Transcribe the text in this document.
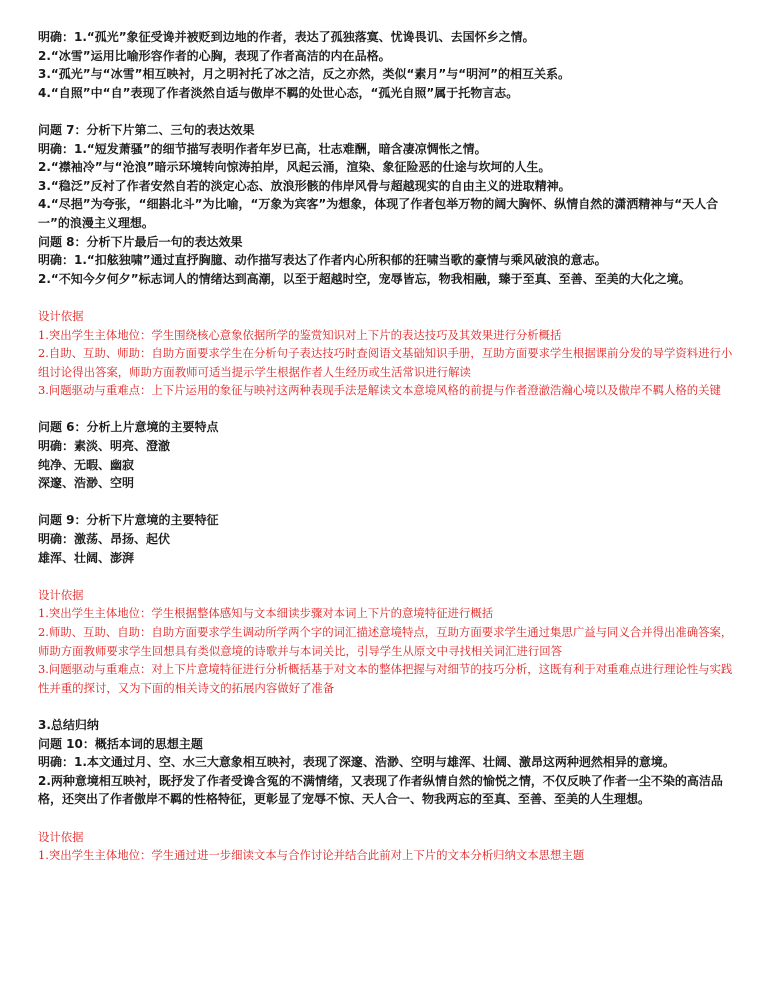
明确：1.“孤光”象征受谗并被贬到边地的作者，表达了孤独落寞、忧谗畏讥、去国怀乡之情。

2.“冰雪”运用比喻形容作者的心胸，表现了作者高洁的内在品格。

3.“孤光”与“冰雪”相互映衬，月之明衬托了冰之洁，反之亦然，类似“素月”与“明河”的相互关系。

4.“自照”中“自”表现了作者淡然自适与傲岸不羁的处世心态，“孤光自照”属于托物言志。

问题 7：分析下片第二、三句的表达效果

明确：1.“短发萧骚”的细节描写表明作者年岁已高，壮志难酬，暗含凄凉惆怅之情。

2.“襟袖冷”与“沧浪”暗示环境转向惊涛拍岸，风起云涌，渲染、象征险恶的仕途与坎坷的人生。

3.“稳泛”反衬了作者安然自若的淡定心态、放浪形骸的伟岸风骨与超越现实的自由主义的进取精神。

4.“尽挹”为夸张，“细斟北斗”为比喻，“万象为宾客”为想象，体现了作者包举万物的阔大胸怀、纵情自然的潇洒精神与“天人合一”的浪漫主义理想。

问题 8：分析下片最后一句的表达效果

明确：1.“扣舷独啸”通过直抒胸臆、动作描写表达了作者内心所积郁的狂啸当歌的豪情与乘风破浪的意志。

2.“不知今夕何夕”标志词人的情绪达到高潮，以至于超越时空，宠辱皆忘，物我相融，臻于至真、至善、至美的大化之境。

设计依据

1.突出学生主体地位：学生围绕核心意象依据所学的鉴赏知识对上下片的表达技巧及其效果进行分析概括

2.自助、互助、师助：自助方面要求学生在分析句子表达技巧时查阅语文基础知识手册，互助方面要求学生根据课前分发的导学资料进行小组讨论得出答案，师助方面教师可适当提示学生根据作者人生经历或生活常识进行解读

3.问题驱动与重难点：上下片运用的象征与映衬这两种表现手法是解读文本意境风格的前提与作者澄澈浩瀚心境以及傲岸不羁人格的关键

问题 6：分析上片意境的主要特点

明确：素淡、明亮、澄澈

纯净、无暇、幽寂

深邃、浩渺、空明

问题 9：分析下片意境的主要特征

明确：激荡、昂扬、起伏

雄浑、壮阔、澎湃

设计依据

1.突出学生主体地位：学生根据整体感知与文本细读步骤对本词上下片的意境特征进行概括

2.师助、互助、自助：自助方面要求学生调动所学两个字的词汇描述意境特点，互助方面要求学生通过集思广益与同义合并得出准确答案，师助方面教师要求学生回想具有类似意境的诗歌并与本词关比，引导学生从原文中寻找相关词汇进行回答

3.问题驱动与重难点：对上下片意境特征进行分析概括基于对文本的整体把握与对细节的技巧分析，这既有利于对重难点进行理论性与实践性并重的探讨，又为下面的相关诗文的拓展内容做好了准备

3.总结归纳

问题 10：概括本词的思想主题

明确：1.本文通过月、空、水三大意象相互映衬，表现了深邃、浩渺、空明与雄浑、壮阔、激昂这两种迥然相异的意境。

2.两种意境相互映衬，既抒发了作者受谗含冤的不满情绪，又表现了作者纵情自然的愉悦之情，不仅反映了作者一尘不染的高洁品格，还突出了作者傲岸不羁的性格特征，更彰显了宠辱不惊、天人合一、物我两忘的至真、至善、至美的人生理想。

设计依据

1.突出学生主体地位：学生通过进一步细读文本与合作讨论并结合此前对上下片的文本分析归纳文本思想主题
